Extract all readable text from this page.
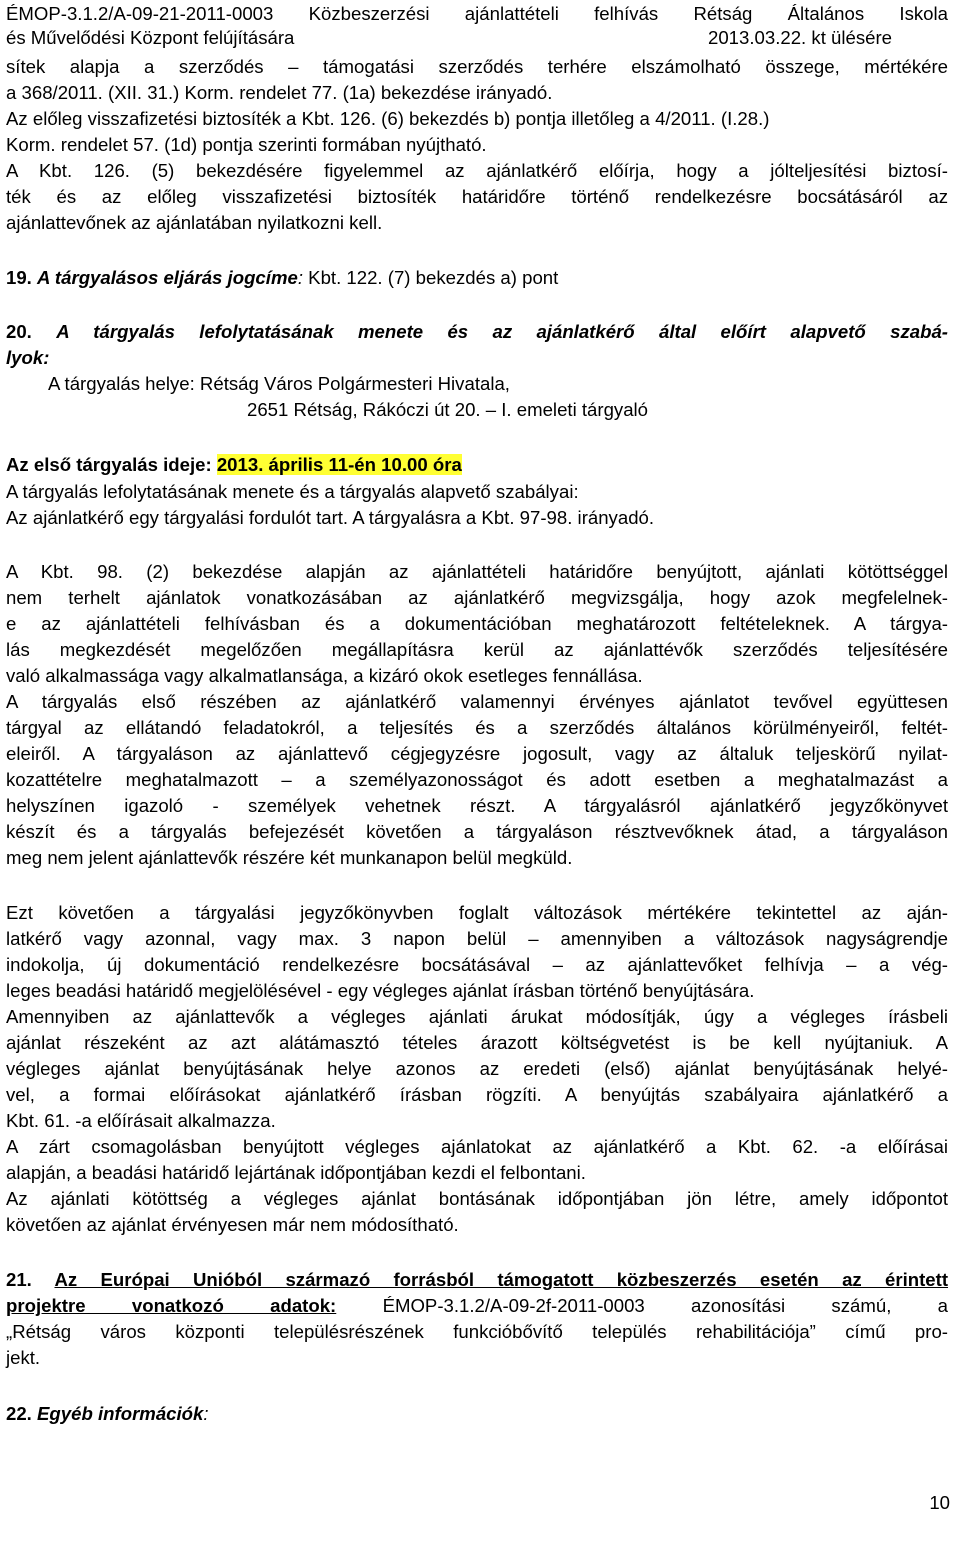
ÉMOP-3.1.2/A-09-21-2011-0003 Közbeszerzési ajánlattételi felhívás Rétság Általános Iskola
és Művelődési Központ felújítására	2013.03.22. kt ülésére
sítek alapja a szerződés – támogatási szerződés terhére elszámolható összege, mértékére
a 368/2011. (XII. 31.) Korm. rendelet 77. (1a) bekezdése irányadó.
Az előleg visszafizetési biztosíték a Kbt. 126. (6) bekezdés b) pontja illetőleg a 4/2011. (I.28.)
Korm. rendelet 57. (1d) pontja szerinti formában nyújtható.
A Kbt. 126. (5) bekezdésére figyelemmel az ajánlatkérő előírja, hogy a jólteljesítési biztosí-
ték és az előleg visszafizetési biztosíték határidőre történő rendelkezésre bocsátásáról az
ajánlattevőnek az ajánlatában nyilatkozni kell.
19. A tárgyalásos eljárás jogcíme: Kbt. 122. (7) bekezdés a) pont
20. A tárgyalás lefolytatásának menete és az ajánlatkérő által előírt alapvető szabá-
lyok:
A tárgyalás helye: Rétság Város Polgármesteri Hivatala,
2651 Rétság, Rákóczi út 20. – I. emeleti tárgyaló
Az első tárgyalás ideje: 2013. április 11-én 10.00 óra
A tárgyalás lefolytatásának menete és a tárgyalás alapvető szabályai:
Az ajánlatkérő egy tárgyalási fordulót tart. A tárgyalásra a Kbt. 97-98. irányadó.
A Kbt. 98. (2) bekezdése alapján az ajánlattételi határidőre benyújtott, ajánlati kötöttséggel
nem terhelt ajánlatok vonatkozásában az ajánlatkérő megvizsgálja, hogy azok megfelelnek-
e az ajánlattételi felhívásban és a dokumentációban meghatározott feltételeknek. A tárgya-
lás megkezdését megelőzően megállapításra kerül az ajánlattévők szerződés teljesítésére
való alkalmassága vagy alkalmatlansága, a kizáró okok esetleges fennállása.
A tárgyalás első részében az ajánlatkérő valamennyi érvényes ajánlatot tevővel együttesen
tárgyal az ellátandó feladatokról, a teljesítés és a szerződés általános körülményeiről, feltét-
eleiről. A tárgyaláson az ajánlattevő cégjegyzésre jogosult, vagy az általuk teljeskörű nyilat-
kozattételre meghatalmazott – a személyazonosságot és adott esetben a meghatalmazást a
helyszínen igazoló - személyek vehetnek részt. A tárgyalásról ajánlatkérő jegyzőkönyvet
készít és a tárgyalás befejezését követően a tárgyaláson résztvevőknek átad, a tárgyaláson
meg nem jelent ajánlattevők részére két munkanapon belül megküld.
Ezt követően a tárgyalási jegyzőkönyvben foglalt változások mértékére tekintettel az aján-
latkérő vagy azonnal, vagy max. 3 napon belül – amennyiben a változások nagyságrendje
indokolja, új dokumentáció rendelkezésre bocsátásával – az ajánlattevőket felhívja – a vég-
leges beadási határidő megjelölésével - egy végleges ajánlat írásban történő benyújtására.
Amennyiben az ajánlattevők a végleges ajánlati árukat módosítják, úgy a végleges írásbeli
ajánlat részeként az azt alátámasztó tételes árazott költségvetést is be kell nyújtaniuk. A
végleges ajánlat benyújtásának helye azonos az eredeti (első) ajánlat benyújtásának helyé-
vel, a formai előírásokat ajánlatkérő írásban rögzíti. A benyújtás szabályaira ajánlatkérő a
Kbt. 61. -a előírásait alkalmazza.
A zárt csomagolásban benyújtott végleges ajánlatokat az ajánlatkérő a Kbt. 62. -a előírásai
alapján, a beadási határidő lejártának időpontjában kezdi el felbontani.
Az ajánlati kötöttség a végleges ajánlat bontásának időpontjában jön létre, amely időpontot
követően az ajánlat érvényesen már nem módosítható.
21. Az Európai Unióból származó forrásból támogatott közbeszerzés esetén az érintett
projektre vonatkozó adatok: ÉMOP-3.1.2/A-09-2f-2011-0003 azonosítási számú, a
„Rétság város központi településrészének funkcióbővítő település rehabilitációja” című pro-
jekt.
22. Egyéb információk:
10
